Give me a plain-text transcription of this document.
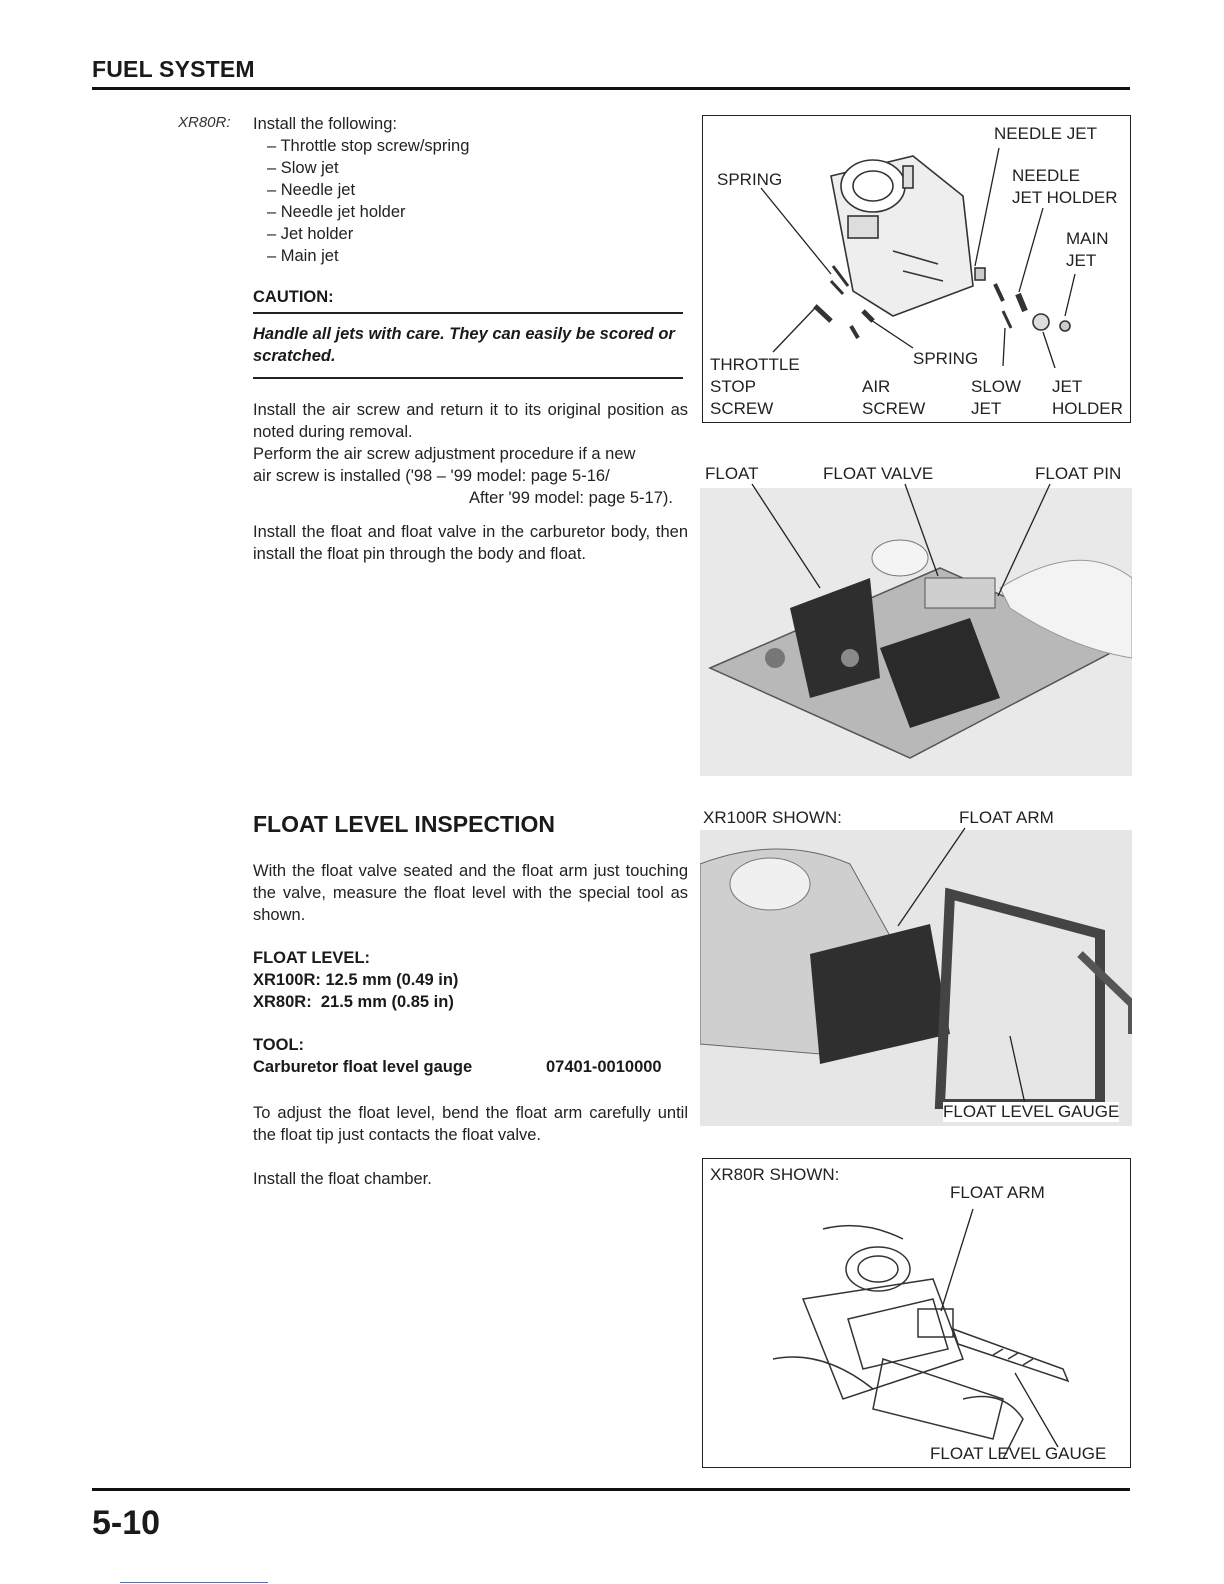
FUEL SYSTEM
XR80R: Install the following:
– Throttle stop screw/spring
– Slow jet
– Needle jet
– Needle jet holder
– Jet holder
– Main jet
CAUTION:
Handle all jets with care. They can easily be scored or scratched.
Install the air screw and return it to its original position as noted during removal.
Perform the air screw adjustment procedure if a new
air screw is installed ('98 – '99 model: page 5-16/
After '99 model: page 5-17).
Install the float and float valve in the carburetor body, then install the float pin through the body and float.
FLOAT LEVEL INSPECTION
With the float valve seated and the float arm just touching the valve, measure the float level with the special tool as shown.
FLOAT LEVEL:
XR100R: 12.5 mm (0.49 in)
XR80R:  21.5 mm (0.85 in)
TOOL:
Carburetor float level gauge	07401-0010000
To adjust the float level, bend the float arm carefully until the float tip just contacts the float valve.
Install the float chamber.
NEEDLE JET
SPRING	NEEDLE
JET HOLDER
MAIN
JET
THROTTLE
STOP
SCREW
SPRING
AIR
SCREW
SLOW
JET
JET
HOLDER
FLOAT	FLOAT VALVE	FLOAT PIN
XR100R SHOWN:	FLOAT ARM
FLOAT LEVEL GAUGE
XR80R SHOWN:
FLOAT ARM
FLOAT LEVEL GAUGE
5-10
